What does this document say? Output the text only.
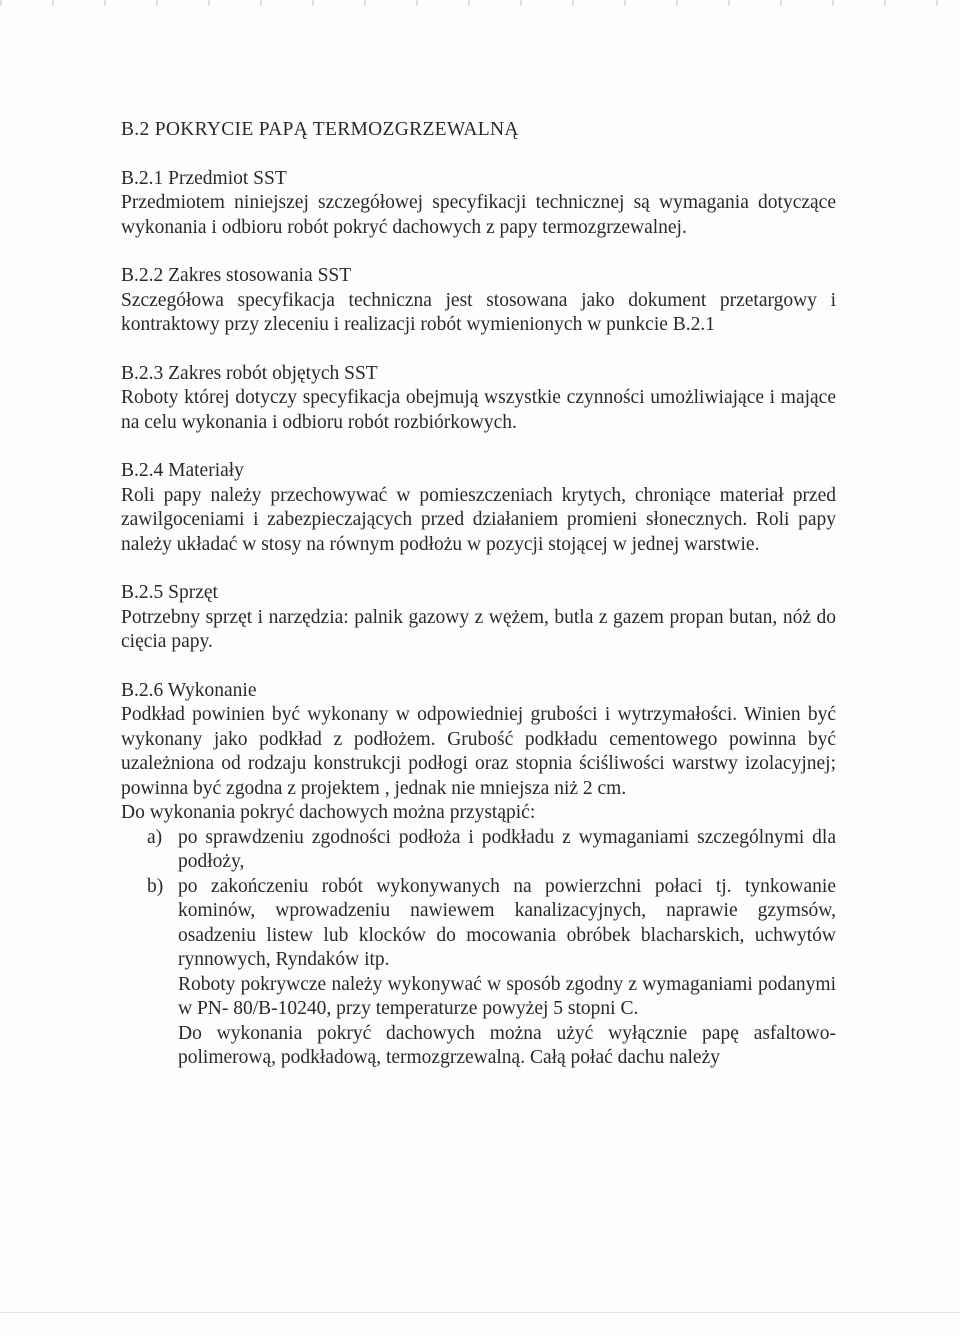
B.2 POKRYCIE PAPĄ TERMOZGRZEWALNĄ
B.2.1 Przedmiot SST

Przedmiotem niniejszej szczegółowej specyfikacji technicznej są wymagania dotyczące wykonania i odbioru robót pokryć dachowych z papy termozgrzewalnej.

B.2.2 Zakres stosowania SST

Szczegółowa specyfikacja techniczna jest stosowana jako dokument przetargowy i kontraktowy przy zleceniu i realizacji robót wymienionych w punkcie B.2.1

B.2.3 Zakres robót objętych SST

Roboty której dotyczy specyfikacja obejmują wszystkie czynności umożliwiające i mające na celu wykonania i odbioru robót rozbiórkowych.

B.2.4 Materiały

Roli papy należy przechowywać w pomieszczeniach krytych, chroniące materiał przed zawilgoceniami i zabezpieczających przed działaniem promieni słonecznych. Roli papy należy układać w stosy na równym podłożu w pozycji stojącej w jednej warstwie.

B.2.5 Sprzęt

Potrzebny sprzęt i narzędzia: palnik gazowy z wężem, butla z gazem propan butan, nóż do cięcia papy.

B.2.6 Wykonanie

Podkład powinien być wykonany w odpowiedniej grubości i wytrzymałości. Winien być wykonany jako podkład z podłożem. Grubość podkładu cementowego powinna być uzależniona od rodzaju konstrukcji podłogi oraz stopnia ściśliwości warstwy izolacyjnej; powinna być zgodna z projektem , jednak nie mniejsza niż 2 cm.

Do wykonania pokryć dachowych można przystąpić:

a) po sprawdzeniu zgodności podłoża i podkładu z wymaganiami szczególnymi dla podłoży,

b) po zakończeniu robót wykonywanych na powierzchni połaci tj. tynkowanie kominów, wprowadzeniu nawiewem kanalizacyjnych, naprawie gzymsów, osadzeniu listew lub klocków do mocowania obróbek blacharskich, uchwytów rynnowych, Ryndaków itp.

Roboty pokrywcze należy wykonywać w sposób zgodny z wymaganiami podanymi w PN- 80/B-10240, przy temperaturze powyżej 5 stopni C.

Do wykonania pokryć dachowych można użyć wyłącznie papę asfaltowo-polimerową, podkładową, termozgrzewalną. Całą połać dachu należy
